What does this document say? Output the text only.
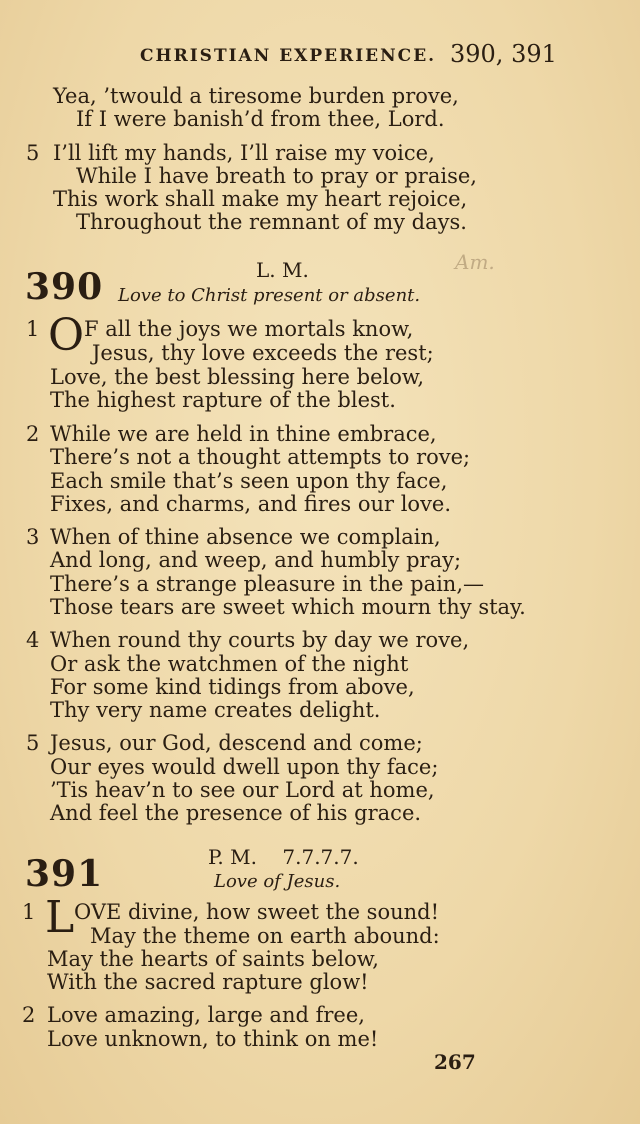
CHRISTIAN EXPERIENCE. 390, 391
Yea, ’twould a tiresome burden prove,
If I were banish’d from thee, Lord.
5 I’ll lift my hands, I’ll raise my voice,
While I have breath to pray or praise,
This work shall make my heart rejoice,
Throughout the remnant of my days.
Am.
390	L. M.
Love to Christ present or absent.
1 O F all the joys we mortals know,
Jesus, thy love exceeds the rest;
Love, the best blessing here below,
The highest rapture of the blest.
2 While we are held in thine embrace,
There’s not a thought attempts to rove;
Each smile that’s seen upon thy face,
Fixes, and charms, and fires our love.
3 When of thine absence we complain,
And long, and weep, and humbly pray;
There’s a strange pleasure in the pain,—
Those tears are sweet which mourn thy stay.
4 When round thy courts by day we rove,
Or ask the watchmen of the night
For some kind tidings from above,
Thy very name creates delight.
5 Jesus, our God, descend and come;
Our eyes would dwell upon thy face;
’Tis heav’n to see our Lord at home,
And feel the presence of his grace.
391	P. M.    7.7.7.7.
Love of Jesus.
1 L OVE divine, how sweet the sound!
May the theme on earth abound:
May the hearts of saints below,
With the sacred rapture glow!
2 Love amazing, large and free,
Love unknown, to think on me!
267
